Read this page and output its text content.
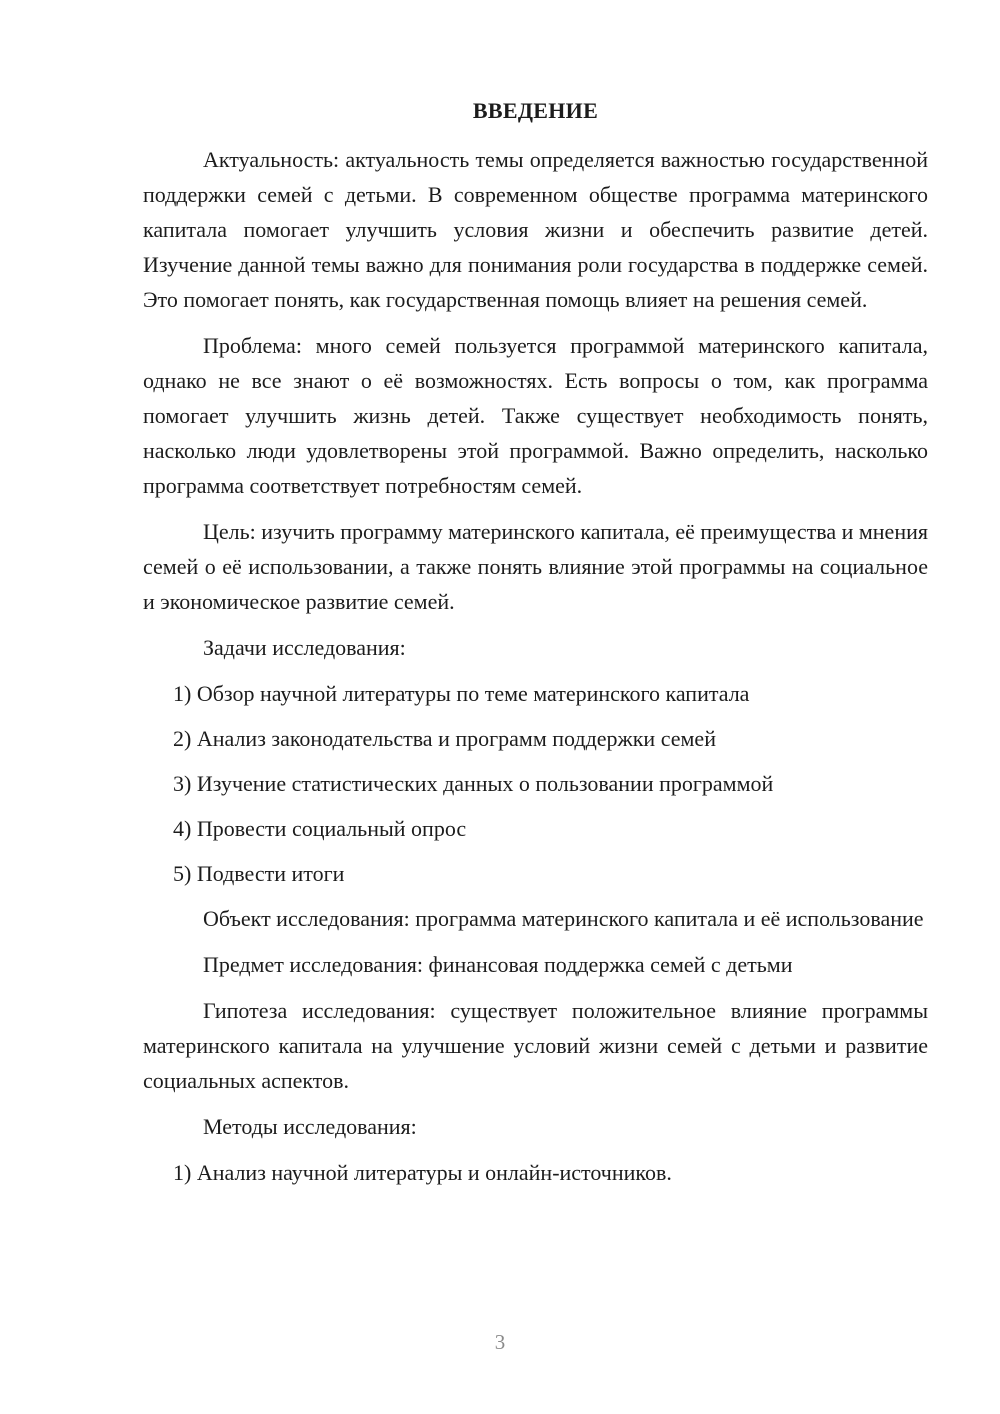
ВВЕДЕНИЕ

Актуальность: актуальность темы определяется важностью государственной поддержки семей с детьми. В современном обществе программа материнского капитала помогает улучшить условия жизни и обеспечить развитие детей. Изучение данной темы важно для понимания роли государства в поддержке семей. Это помогает понять, как государственная помощь влияет на решения семей.

Проблема: много семей пользуется программой материнского капитала, однако не все знают о её возможностях. Есть вопросы о том, как программа помогает улучшить жизнь детей. Также существует необходимость понять, насколько люди удовлетворены этой программой. Важно определить, насколько программа соответствует потребностям семей.

Цель: изучить программу материнского капитала, её преимущества и мнения семей о её использовании, а также понять влияние этой программы на социальное и экономическое развитие семей.

Задачи исследования:

1) Обзор научной литературы по теме материнского капитала
2) Анализ законодательства и программ поддержки семей
3) Изучение статистических данных о пользовании программой
4) Провести социальный опрос
5) Подвести итоги

Объект исследования: программа материнского капитала и её использование

Предмет исследования: финансовая поддержка семей с детьми

Гипотеза исследования: существует положительное влияние программы материнского капитала на улучшение условий жизни семей с детьми и развитие социальных аспектов.

Методы исследования:

1) Анализ научной литературы и онлайн-источников.
3
